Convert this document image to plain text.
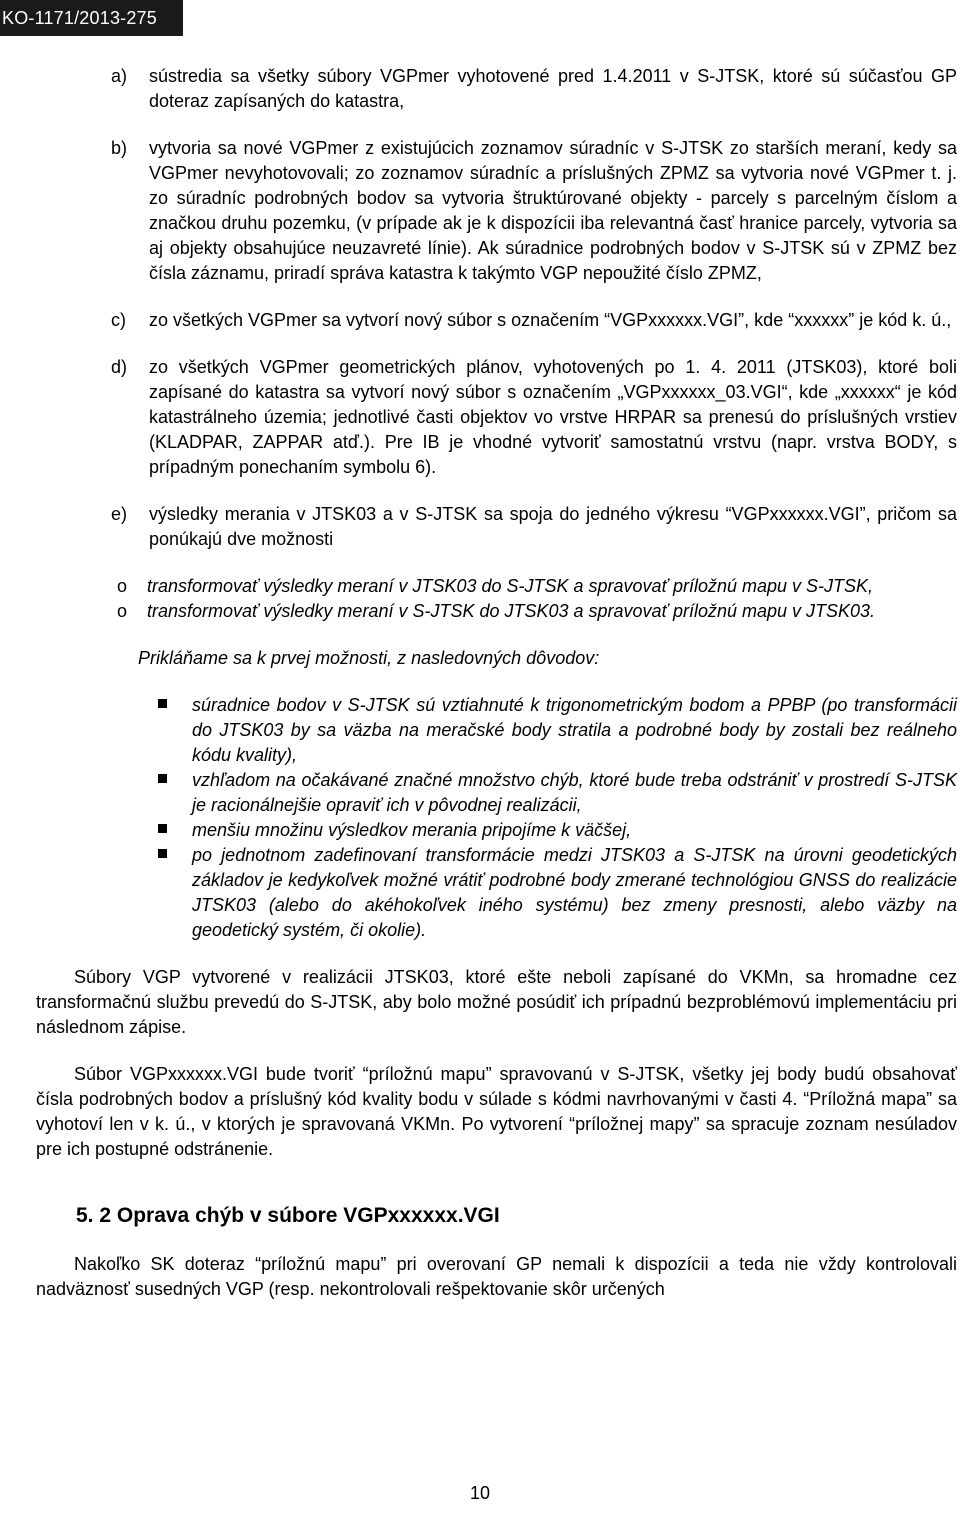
KO-1171/2013-275
a) sústredia sa všetky súbory VGPmer vyhotovené pred 1.4.2011 v S-JTSK, ktoré sú súčasťou GP doteraz zapísaných do katastra,

b) vytvoria sa nové VGPmer z existujúcich zoznamov súradníc v S-JTSK zo starších meraní, kedy sa VGPmer nevyhotovovali; zo zoznamov súradníc a príslušných ZPMZ sa vytvoria nové VGPmer t. j. zo súradníc podrobných bodov sa vytvoria štruktúrované objekty - parcely s parcelným číslom a značkou druhu pozemku, (v prípade ak je k dispozícii iba relevantná časť hranice parcely, vytvoria sa aj objekty obsahujúce neuzavreté línie). Ak súradnice podrobných bodov v S-JTSK sú v ZPMZ bez čísla záznamu, priradí správa katastra k takýmto VGP nepoužité číslo ZPMZ,

c) zo všetkých VGPmer sa vytvorí nový súbor s označením “VGPxxxxxx.VGI”, kde “xxxxxx” je kód k. ú.,

d) zo všetkých VGPmer geometrických plánov, vyhotovených po 1. 4. 2011 (JTSK03), ktoré boli zapísané do katastra sa vytvorí nový súbor s označením „VGPxxxxxx_03.VGI“, kde „xxxxxx“ je kód katastrálneho územia; jednotlivé časti objektov vo vrstve HRPAR sa prenesú do príslušných vrstiev (KLADPAR, ZAPPAR atď.). Pre IB je vhodné vytvoriť samostatnú vrstvu (napr. vrstva BODY, s prípadným ponechaním symbolu 6).

e) výsledky merania v JTSK03 a v S-JTSK sa spoja do jedného výkresu “VGPxxxxxx.VGI”, pričom sa ponúkajú dve možnosti

o transformovať výsledky meraní v JTSK03 do S-JTSK a spravovať príložnú mapu v S-JTSK,

o transformovať výsledky meraní v S-JTSK do JTSK03 a spravovať príložnú mapu v JTSK03.

Prikláňame sa k prvej možnosti, z nasledovných dôvodov:

súradnice bodov v S-JTSK sú vztiahnuté k trigonometrickým bodom a PPBP (po transformácii do JTSK03 by sa väzba na meračské body stratila a podrobné body by zostali bez reálneho kódu kvality),

vzhľadom na očakávané značné množstvo chýb, ktoré bude treba odstrániť v prostredí S-JTSK je racionálnejšie opraviť ich v pôvodnej realizácii,

menšiu množinu výsledkov merania pripojíme k väčšej,

po jednotnom zadefinovaní transformácie medzi JTSK03 a S-JTSK na úrovni geodetických základov je kedykoľvek možné vrátiť podrobné body zmerané technológiou GNSS do realizácie JTSK03 (alebo do akéhokoľvek iného systému) bez zmeny presnosti, alebo väzby na geodetický systém, či okolie).

Súbory VGP vytvorené v realizácii JTSK03, ktoré ešte neboli zapísané do VKMn, sa hromadne cez transformačnú službu prevedú do S-JTSK, aby bolo možné posúdiť ich prípadnú bezproblémovú implementáciu pri následnom zápise.

Súbor VGPxxxxxx.VGI bude tvoriť “príložnú mapu” spravovanú v S-JTSK, všetky jej body budú obsahovať čísla podrobných bodov a príslušný kód kvality bodu v súlade s kódmi navrhovanými v časti 4. “Príložná mapa” sa vyhotoví len v k. ú., v ktorých je spravovaná VKMn. Po vytvorení “príložnej mapy” sa spracuje zoznam nesúladov pre ich postupné odstránenie.

5. 2 Oprava chýb v súbore VGPxxxxxx.VGI

Nakoľko SK doteraz “príložnú mapu” pri overovaní GP nemali k dispozícii a teda nie vždy kontrolovali nadväznosť susedných VGP (resp. nekontrolovali rešpektovanie skôr určených

10
